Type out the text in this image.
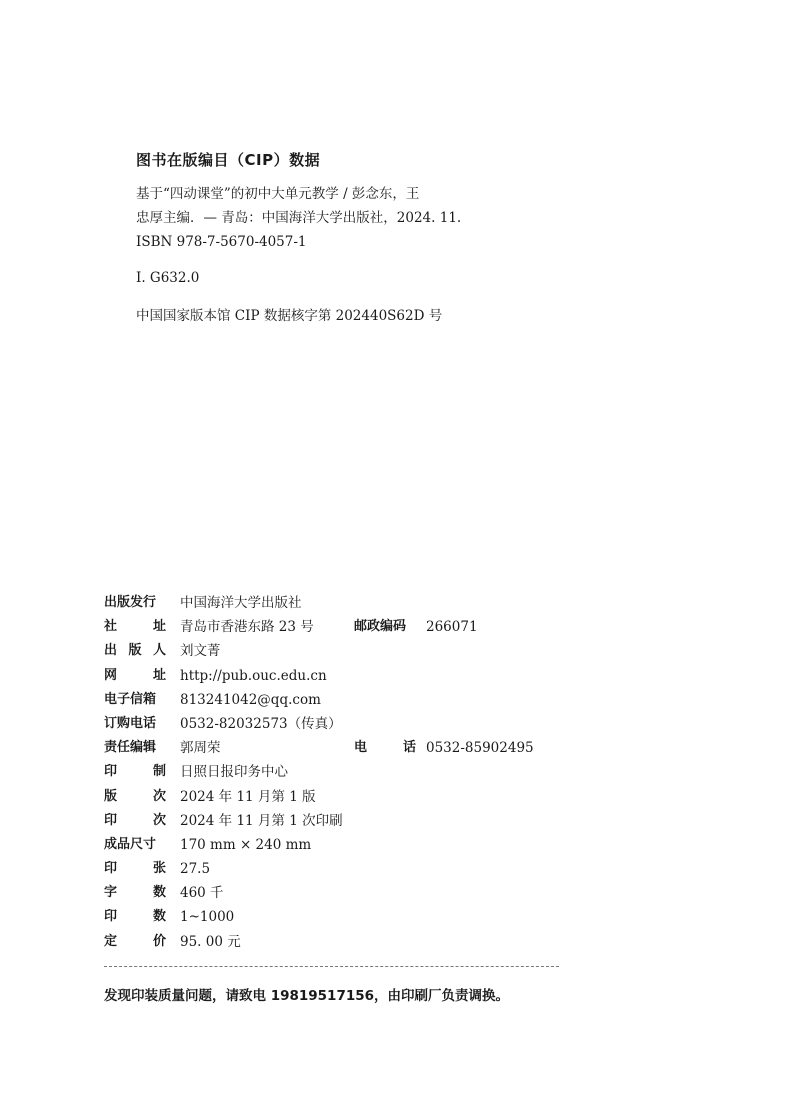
图书在版编目（CIP）数据
基于“四动课堂”的初中大单元教学 / 彭念东，王
忠厚主编．— 青岛：中国海洋大学出版社，2024. 11.
ISBN 978-7-5670-4057-1
Ⅰ. G632.0
中国国家版本馆 CIP 数据核字第 202440S62D 号
出版发行	中国海洋大学出版社
社	址 青岛市香港东路 23 号	邮政编码	266071
出 版 人 刘文菁
网	址 http://pub.ouc.edu.cn
电子信箱	813241042@qq.com
订购电话	0532-82032573（传真）
责任编辑	郭周荣	电	话 0532-85902495
印	制 日照日报印务中心
版	次 2024 年 11 月第 1 版
印	次 2024 年 11 月第 1 次印刷
成品尺寸	170 mm × 240 mm
印	张 27.5
字	数 460 千
印	数 1~1000
定	价 95. 00 元
发现印装质量问题，请致电 19819517156，由印刷厂负责调换。
